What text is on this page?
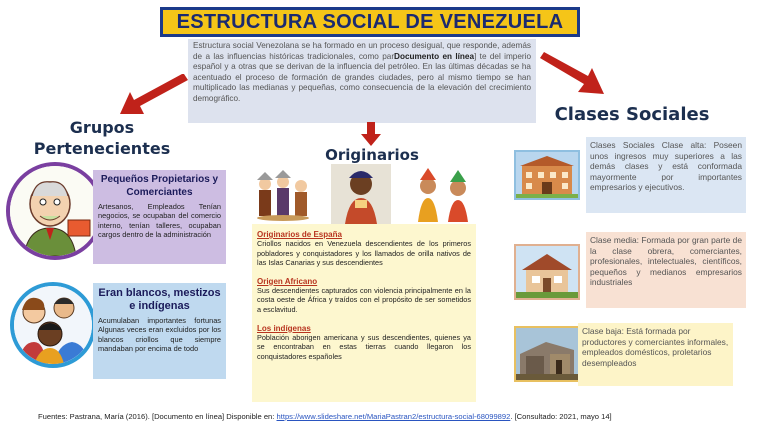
ESTRUCTURA SOCIAL DE VENEZUELA
Estructura social Venezolana se ha formado en un proceso desigual, que responde, además de a las influencias históricas tradicionales, como parDocumento en línea] te del imperio español y a otras que se derivan de la influencia del petróleo. En las últimas décadas se ha acentuado el proceso de formación de grandes ciudades, pero al mismo tiempo se han multiplicado las medianas y pequeñas, como consecuencia de la elevación del crecimiento demográfico.
Grupos
Pertenecientes	Originarios
Clases Sociales
Pequeños Propietarios y Comerciantes
Artesanos, Empleados Tenían negocios, se ocupaban del comercio interno, tenían talleres, ocupaban cargos dentro de la administración
Eran blancos, mestizos e indígenas
Acumulaban importantes fortunas Algunas veces eran excluidos por los blancos criollos que siempre mandaban por encima de todo
Originarios de España
Criollos nacidos en Venezuela descendientes de los primeros pobladores y conquistadores y los llamados de orilla nativos de las Islas Canarias y sus descendientes
Origen Africano
Sus descendientes capturados con violencia principalmente en la costa oeste de África y traídos con el propósito de ser sometidos a esclavitud.
Los indígenas
Población aborigen americana y sus descendientes, quienes ya se encontraban en estas tierras cuando llegaron los conquistadores españoles
Clases Sociales Clase alta: Poseen unos ingresos muy superiores a las demás clases y está conformada mayormente por importantes empresarios y ejecutivos.
Clase media: Formada por gran parte de la clase obrera, comerciantes, profesionales, intelectuales, científicos, pequeños y medianos empresarios industriales
Clase baja: Está formada por productores y comerciantes informales, empleados domésticos, proletarios desempleados
Fuentes: Pastrana, María (2016). [Documento en línea] Disponible en: https://www.slideshare.net/MariaPastran2/estructura-social-68099892. [Consultado: 2021, mayo 14]
